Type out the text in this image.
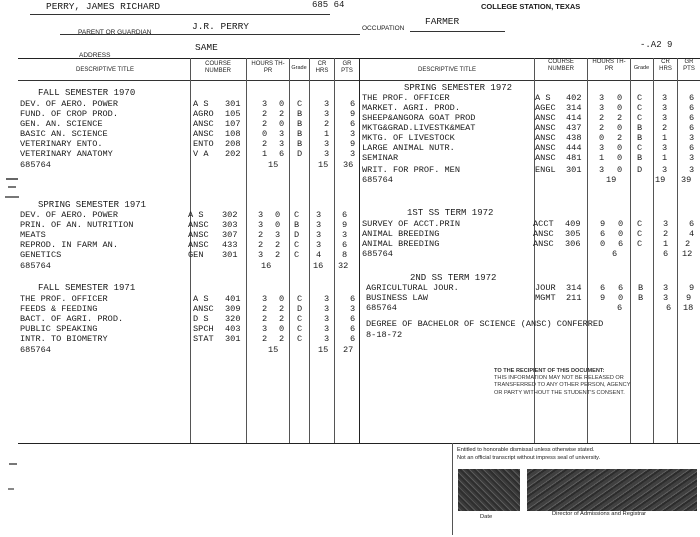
PERRY, JAMES RICHARD	685 64	COLLEGE STATION, TEXAS
PARENT OR GUARDIAN
J.R. PERRY	OCCUPATION
FARMER
ADDRESS
SAME	-.A2 9
DESCRIPTIVE TITLE
COURSE NUMBER
HOURS TH-PR	Grade
CR HRS
GR PTS	DESCRIPTIVE TITLE
COURSE NUMBER
HOURS TH-PR	Grade
CR HRS
GR PTS
FALL SEMESTER 1970
DEV. OF AERO. POWER	A S 301	3 0 C	3 6
FUND. OF CROP PROD.	AGRO 105	2 2 B	3 9
GEN. AN. SCIENCE	ANSC 107	2 0 B	2 6
BASIC AN. SCIENCE	ANSC 108	0 3 B	1 3
VETERINARY ENTO.	ENTO 208	2 3 B	3 9
VETERINARY ANATOMY	V A 202	1 6 D	3 3
685764	15	15 36
SPRING SEMESTER 1971
DEV. OF AERO. POWER	A S 302 3 0 C 3 6
PRIN. OF AN. NUTRITION	ANSC 303 3 0 B 3 9
MEATS	ANSC 307 2 3 D 3 3
REPROD. IN FARM AN.	ANSC 433 2 2 C 3 6
GENETICS	GEN 301 3 2 C 4 8
685764	16	16 32
FALL SEMESTER 1971
THE PROF. OFFICER	A S 401	3 0 C	3 6
FEEDS & FEEDING	ANSC 309	2 2 D	3 3
BACT. OF AGRI. PROD.	D S 320	2 2 C	3 6
PUBLIC SPEAKING	SPCH 403	3 0 C	3 6
INTR. TO BIOMETRY	STAT 301	2 2 C	3 6
685764	15	15 27
SPRING SEMESTER 1972
THE PROF. OFFICER	A S 402 3 0 C 3	6
MARKET. AGRI. PROD.	AGEC 314 3 0 C 3	6
SHEEP&ANGORA GOAT PROD	ANSC 414 2 2 C 3	6
MKTG&GRAD.LIVESTK&MEAT	ANSC 437 2 0 B 2	6
MKTG. OF LIVESTOCK	ANSC 438 0 2 B 1	3
LARGE ANIMAL NUTR.	ANSC 444 3 0 C 3	6
SEMINAR	ANSC 481 1 0 B 1	3
WRIT. FOR PROF. MEN	ENGL 301 3 0 D 3	3
685764	19	19 39
1ST SS TERM 1972
SURVEY OF ACCT.PRIN	ACCT 409 9 0 C 3 6
ANIMAL BREEDING	ANSC 305 6 0 C 2 4
ANIMAL BREEDING	ANSC 306 0 6 C 1 2
685764	6	6 12
2ND SS TERM 1972
AGRICULTURAL JOUR.	JOUR 314 6 6 B 3 9
BUSINESS LAW	MGMT 211 9 0 B 3 9
685764	6	6 18
DEGREE OF BACHELOR OF SCIENCE (ANSC) CONFERRED
8-18-72
TO THE RECIPIENT OF THIS DOCUMENT:
THIS INFORMATION MAY NOT BE RELEASED OR
TRANSFERRED TO ANY OTHER PERSON, AGENCY
OR PARTY WITHOUT THE STUDENT'S CONSENT.
Entitled to honorable dismissal unless otherwise stated.
Not an official transcript without impress seal of university.
Date	Director of Admissions and Registrar
